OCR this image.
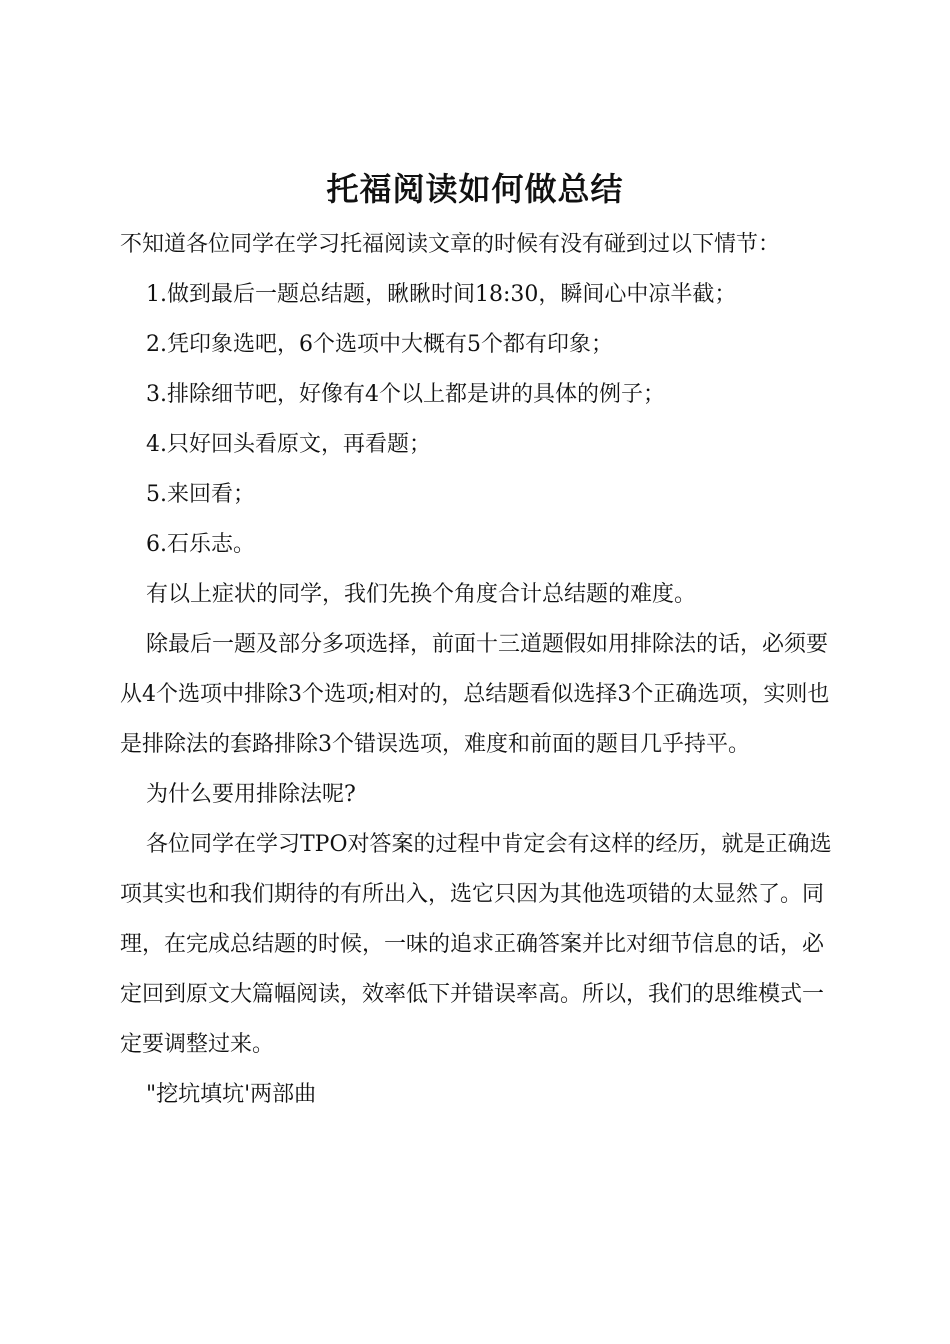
托福阅读如何做总结

不知道各位同学在学习托福阅读文章的时候有没有碰到过以下情节：

1.做到最后一题总结题，瞅瞅时间18:30，瞬间心中凉半截；

2.凭印象选吧，6个选项中大概有5个都有印象；

3.排除细节吧，好像有4个以上都是讲的具体的例子；

4.只好回头看原文，再看题；

5.来回看；

6.石乐志。

有以上症状的同学，我们先换个角度合计总结题的难度。

除最后一题及部分多项选择，前面十三道题假如用排除法的话，必须要从4个选项中排除3个选项;相对的，总结题看似选择3个正确选项，实则也是排除法的套路排除3个错误选项，难度和前面的题目几乎持平。

为什么要用排除法呢?

各位同学在学习TPO对答案的过程中肯定会有这样的经历，就是正确选项其实也和我们期待的有所出入，选它只因为其他选项错的太显然了。同理，在完成总结题的时候，一味的追求正确答案并比对细节信息的话，必定回到原文大篇幅阅读，效率低下并错误率高。所以，我们的思维模式一定要调整过来。

"挖坑填坑'两部曲
